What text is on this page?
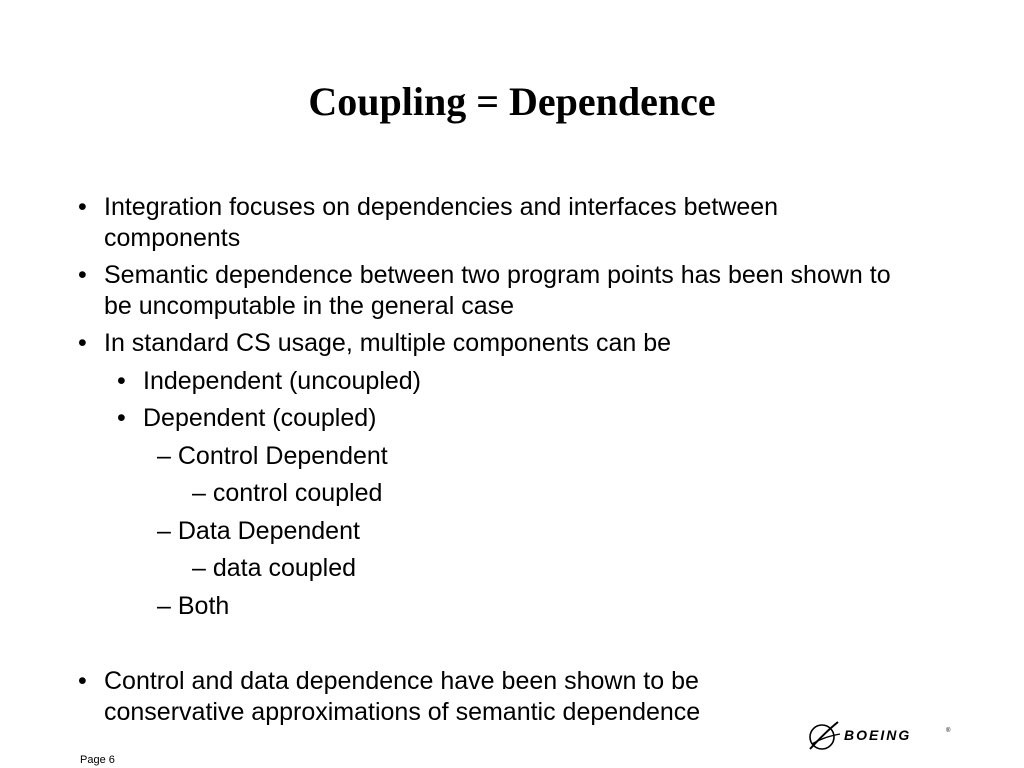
Coupling = Dependence
• Integration focuses on dependencies and interfaces between components
• Semantic dependence between two program points has been shown to be uncomputable in the general case
• In standard CS usage, multiple components can be
• Independent (uncoupled)
• Dependent (coupled)
– Control Dependent
– control coupled
– Data Dependent
– data coupled
– Both
• Control and data dependence have been shown to be conservative approximations of semantic dependence
BOEING	®
Page 6
